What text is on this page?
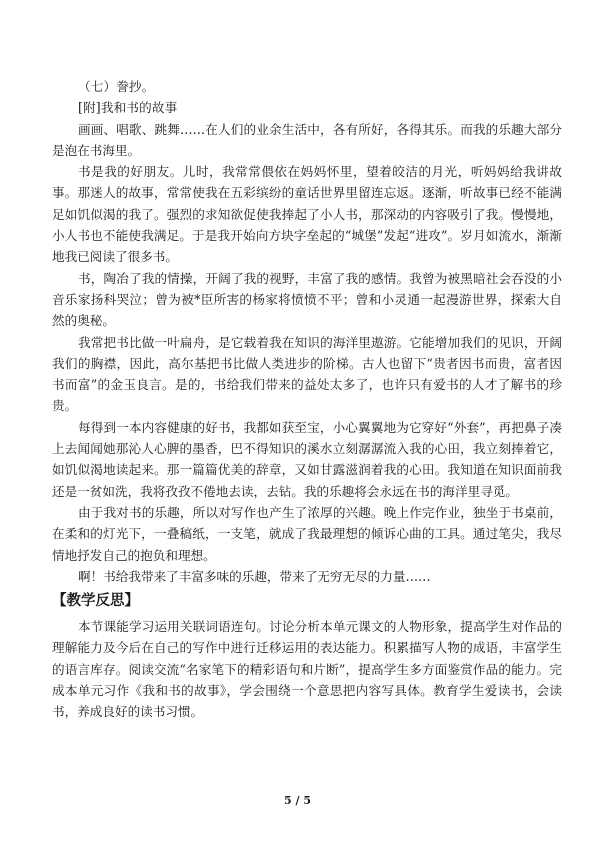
（七）誊抄。

[附]我和书的故事

画画、唱歌、跳舞……在人们的业余生活中，各有所好，各得其乐。而我的乐趣大部分是泡在书海里。

书是我的好朋友。儿时，我常常偎依在妈妈怀里，望着皎洁的月光，听妈妈给我讲故事。那迷人的故事，常常使我在五彩缤纷的童话世界里留连忘返。逐渐，听故事已经不能满足如饥似渴的我了。强烈的求知欲促使我捧起了小人书，那深动的内容吸引了我。慢慢地，小人书也不能使我满足。于是我开始向方块字垒起的“城堡”发起“进攻”。岁月如流水，渐渐地我已阅读了很多书。

书，陶冶了我的情操，开阔了我的视野，丰富了我的感情。我曾为被黑暗社会吞没的小音乐家扬科哭泣；曾为被*臣所害的杨家将愤愤不平；曾和小灵通一起漫游世界，探索大自然的奥秘。

我常把书比做一叶扁舟，是它载着我在知识的海洋里遨游。它能增加我们的见识，开阔我们的胸襟，因此，高尔基把书比做人类进步的阶梯。古人也留下“贵者因书而贵，富者因书而富”的金玉良言。是的，书给我们带来的益处太多了，也许只有爱书的人才了解书的珍贵。

每得到一本内容健康的好书，我都如获至宝，小心翼翼地为它穿好“外套”，再把鼻子凑上去闻闻她那沁人心脾的墨香，巴不得知识的溪水立刻潺潺流入我的心田，我立刻捧着它，如饥似渴地读起来。那一篇篇优美的辞章，又如甘露滋润着我的心田。我知道在知识面前我还是一贫如洗，我将孜孜不倦地去读，去钻。我的乐趣将会永远在书的海洋里寻觅。

由于我对书的乐趣，所以对写作也产生了浓厚的兴趣。晚上作完作业，独坐于书桌前，在柔和的灯光下，一叠稿纸，一支笔，就成了我最理想的倾诉心曲的工具。通过笔尖，我尽情地抒发自己的抱负和理想。

啊！书给我带来了丰富多味的乐趣，带来了无穷无尽的力量……

【教学反思】

本节课能学习运用关联词语连句。讨论分析本单元课文的人物形象，提高学生对作品的理解能力及今后在自己的写作中进行迁移运用的表达能力。积累描写人物的成语，丰富学生的语言库存。阅读交流“名家笔下的精彩语句和片断”，提高学生多方面鉴赏作品的能力。完成本单元习作《我和书的故事》，学会围绕一个意思把内容写具体。教育学生爱读书，会读书，养成良好的读书习惯。

5 / 5
